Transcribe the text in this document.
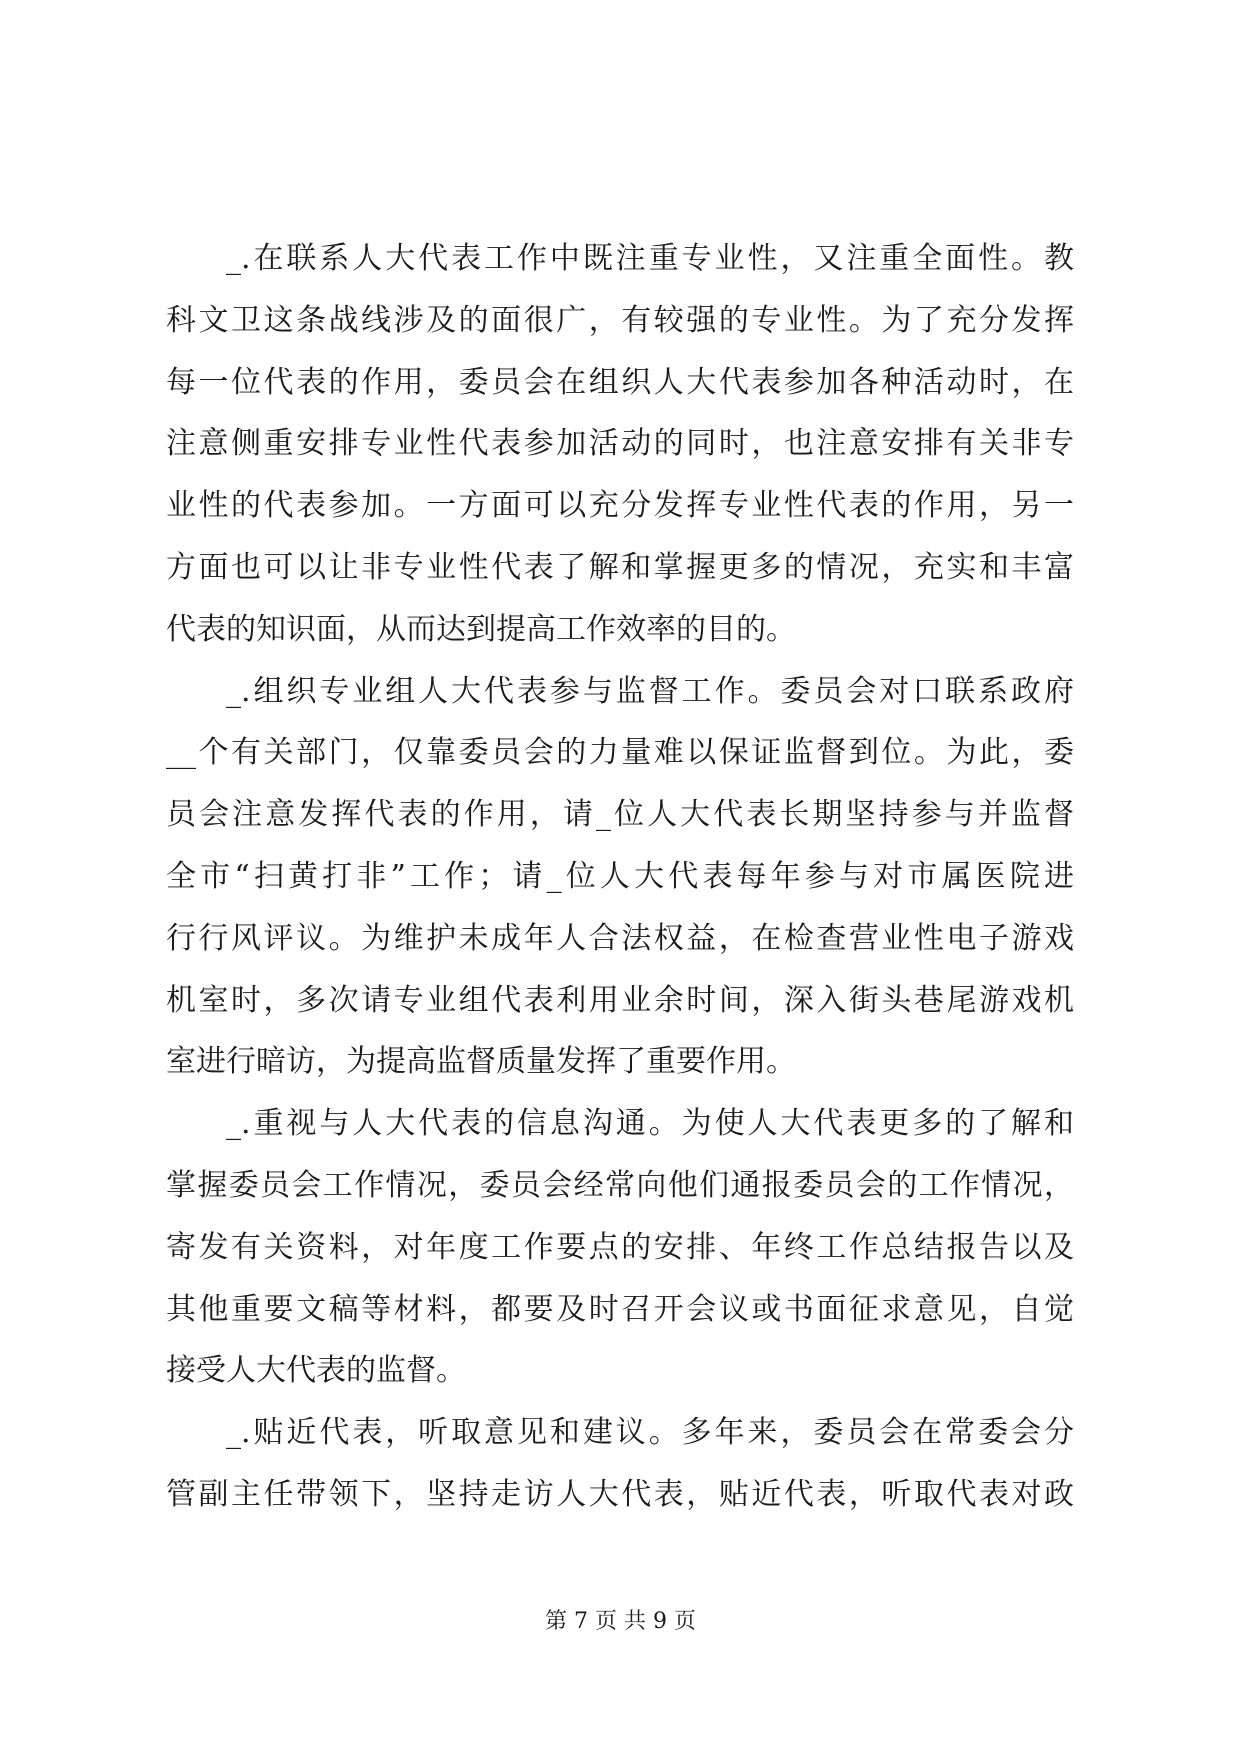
_.在联系人大代表工作中既注重专业性，又注重全面性。教
科文卫这条战线涉及的面很广，有较强的专业性。为了充分发挥
每一位代表的作用，委员会在组织人大代表参加各种活动时，在
注意侧重安排专业性代表参加活动的同时，也注意安排有关非专
业性的代表参加。一方面可以充分发挥专业性代表的作用，另一
方面也可以让非专业性代表了解和掌握更多的情况，充实和丰富
代表的知识面，从而达到提高工作效率的目的。
_.组织专业组人大代表参与监督工作。委员会对口联系政府
__个有关部门，仅靠委员会的力量难以保证监督到位。为此，委
员会注意发挥代表的作用，请_位人大代表长期坚持参与并监督
全市“扫黄打非”工作；请_位人大代表每年参与对市属医院进
行行风评议。为维护未成年人合法权益，在检查营业性电子游戏
机室时，多次请专业组代表利用业余时间，深入街头巷尾游戏机
室进行暗访，为提高监督质量发挥了重要作用。
_.重视与人大代表的信息沟通。为使人大代表更多的了解和
掌握委员会工作情况，委员会经常向他们通报委员会的工作情况，
寄发有关资料，对年度工作要点的安排、年终工作总结报告以及
其他重要文稿等材料，都要及时召开会议或书面征求意见，自觉
接受人大代表的监督。
_.贴近代表，听取意见和建议。多年来，委员会在常委会分
管副主任带领下，坚持走访人大代表，贴近代表，听取代表对政
第 7 页 共 9 页
